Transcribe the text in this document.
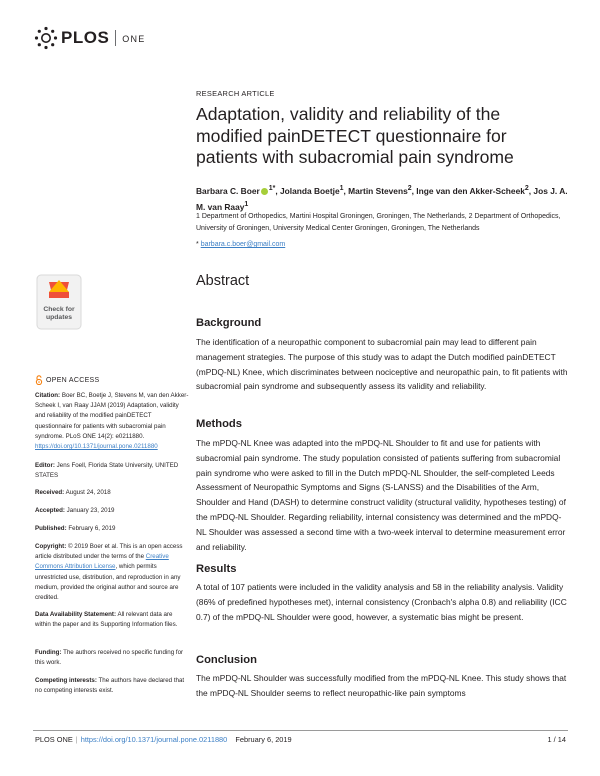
PLOS ONE
RESEARCH ARTICLE
Adaptation, validity and reliability of the modified painDETECT questionnaire for patients with subacromial pain syndrome
Barbara C. Boer $^{1*}$, Jolanda Boetje$^1$, Martin Stevens$^2$, Inge van den Akker-Scheek$^2$, Jos J. A. M. van Raay$^1$
1 Department of Orthopedics, Martini Hospital Groningen, Groningen, The Netherlands, 2 Department of Orthopedics, University of Groningen, University Medical Center Groningen, Groningen, The Netherlands
* barbara.c.boer@gmail.com
Abstract
Background

The identification of a neuropathic component to subacromial pain may lead to different pain management strategies. The purpose of this study was to adapt the Dutch modified painDETECT (mPDQ-NL) Knee, which discriminates between nociceptive and neuropathic pain, to fit patients with subacromial pain syndrome and subsequently assess its validity and reliability.

Methods

The mPDQ-NL Knee was adapted into the mPDQ-NL Shoulder to fit and use for patients with subacromial pain syndrome. The study population consisted of patients suffering from subacromial pain syndrome who were asked to fill in the Dutch mPDQ-NL Shoulder, the self-completed Leeds Assessment of Neuropathic Symptoms and Signs (S-LANSS) and the Disabilities of the Arm, Shoulder and Hand (DASH) to determine construct validity (structural validity, hypotheses testing) of the mPDQ-NL Shoulder. Regarding reliability, internal consistency was determined and the mPDQ-NL Shoulder was assessed a second time with a two-week interval to determine measurement error and reliability.

Results

A total of 107 patients were included in the validity analysis and 58 in the reliability analysis. Validity (86% of predefined hypotheses met), internal consistency (Cronbach's alpha 0.8) and reliability (ICC 0.7) of the mPDQ-NL Shoulder were good, however, a systematic bias might be present.

Conclusion

The mPDQ-NL Shoulder was successfully modified from the mPDQ-NL Knee. This study shows that the mPDQ-NL Shoulder seems to reflect neuropathic-like pain symptoms

Check for updates
OPEN ACCESS
Citation: Boer BC, Boetje J, Stevens M, van den Akker-Scheek I, van Raay JJAM (2019) Adaptation, validity and reliability of the modified painDETECT questionnaire for patients with subacromial pain syndrome. PLoS ONE 14(2): e0211880. https://doi.org/10.1371/journal.pone.0211880
Editor: Jens Foell, Florida State University, UNITED STATES
Received: August 24, 2018
Accepted: January 23, 2019
Published: February 6, 2019
Copyright: © 2019 Boer et al. This is an open access article distributed under the terms of the Creative Commons Attribution License, which permits unrestricted use, distribution, and reproduction in any medium, provided the original author and source are credited.
Data Availability Statement: All relevant data are within the paper and its Supporting Information files.
Funding: The authors received no specific funding for this work.
Competing interests: The authors have declared that no competing interests exist.
PLOS ONE | https://doi.org/10.1371/journal.pone.0211880 February 6, 2019	1 / 14
